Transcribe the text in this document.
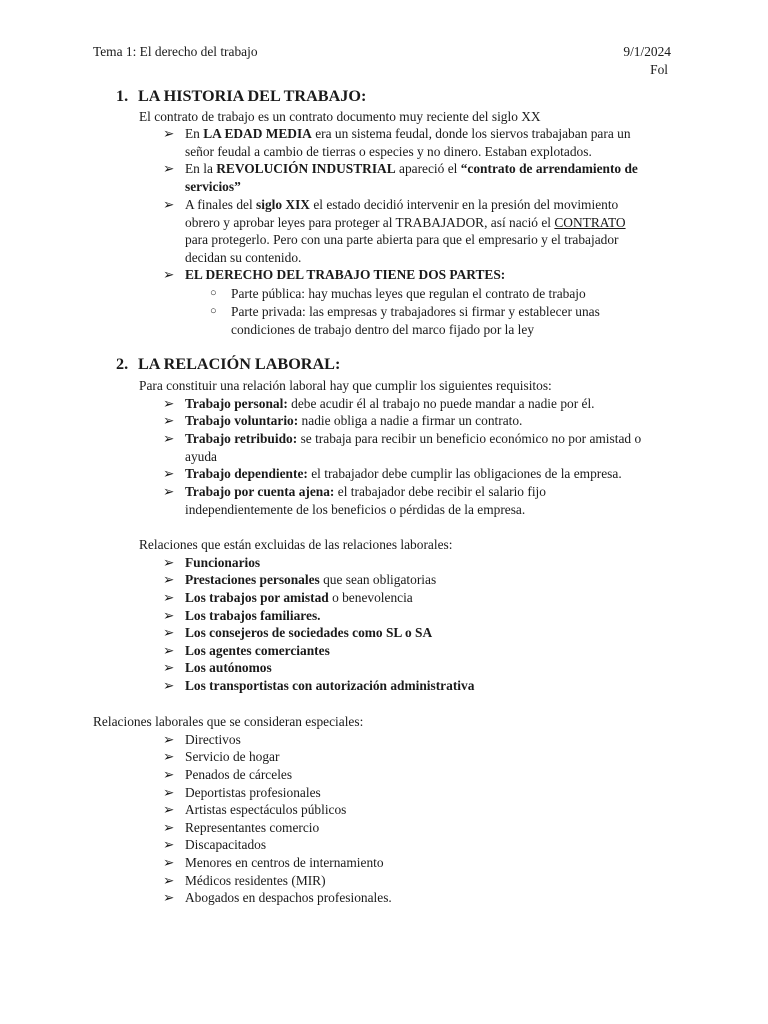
Tema 1: El derecho del trabajo	9/1/2024
Fol
1. LA HISTORIA DEL TRABAJO:
El contrato de trabajo es un contrato documento muy reciente del siglo XX
➢ En LA EDAD MEDIA era un sistema feudal, donde los siervos trabajaban para un
señor feudal a cambio de tierras o especies y no dinero. Estaban explotados.
➢ En la REVOLUCIÓN INDUSTRIAL apareció el “contrato de arrendamiento de
servicios”
➢ A finales del siglo XIX el estado decidió intervenir en la presión del movimiento
obrero y aprobar leyes para proteger al TRABAJADOR, así nació el CONTRATO
para protegerlo. Pero con una parte abierta para que el empresario y el trabajador
decidan su contenido.
➢ EL DERECHO DEL TRABAJO TIENE DOS PARTES:
○	Parte pública: hay muchas leyes que regulan el contrato de trabajo
○	Parte privada: las empresas y trabajadores si firmar y establecer unas
condiciones de trabajo dentro del marco fijado por la ley
2. LA RELACIÓN LABORAL:
Para constituir una relación laboral hay que cumplir los siguientes requisitos:
➢ Trabajo personal: debe acudir él al trabajo no puede mandar a nadie por él.
➢ Trabajo voluntario: nadie obliga a nadie a firmar un contrato.
➢ Trabajo retribuido: se trabaja para recibir un beneficio económico no por amistad o
ayuda
➢ Trabajo dependiente: el trabajador debe cumplir las obligaciones de la empresa.
➢ Trabajo por cuenta ajena: el trabajador debe recibir el salario fijo
independientemente de los beneficios o pérdidas de la empresa.
Relaciones que están excluidas de las relaciones laborales:
➢ Funcionarios
➢ Prestaciones personales que sean obligatorias
➢ Los trabajos por amistad o benevolencia
➢ Los trabajos familiares.
➢ Los consejeros de sociedades como SL o SA
➢ Los agentes comerciantes
➢ Los autónomos
➢ Los transportistas con autorización administrativa
Relaciones laborales que se consideran especiales:
➢ Directivos
➢ Servicio de hogar
➢ Penados de cárceles
➢ Deportistas profesionales
➢ Artistas espectáculos públicos
➢ Representantes comercio
➢ Discapacitados
➢ Menores en centros de internamiento
➢ Médicos residentes (MIR)
➢ Abogados en despachos profesionales.
